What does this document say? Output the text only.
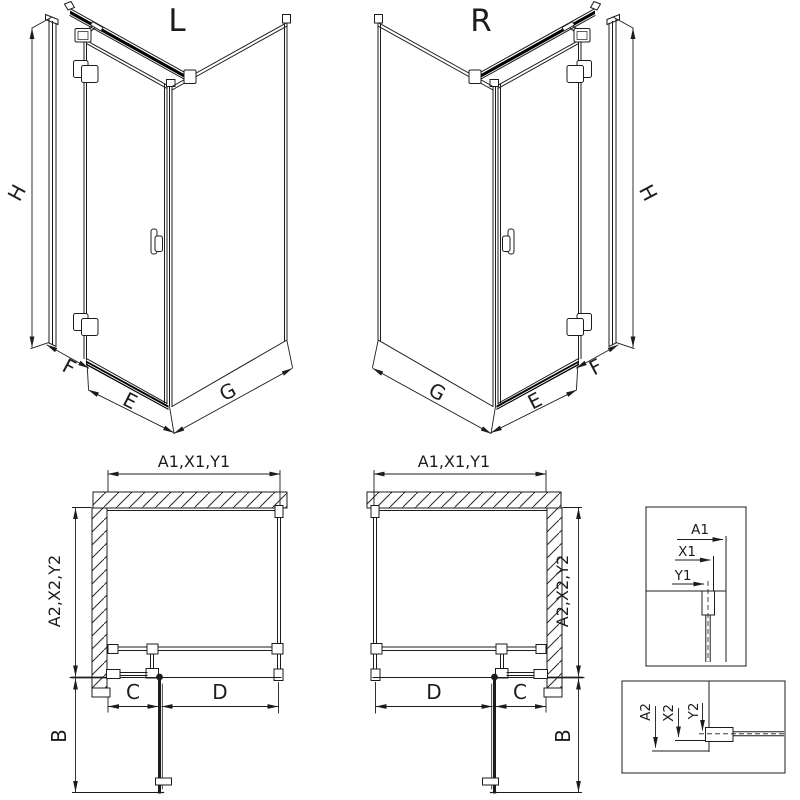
L	R
H	H
F
E	G
F
E
G
A1,X1,Y1	A1,X1,Y1
A2,X2,Y2	A2,X2,Y2
B	B
C	D	D	C
A1
X1
Y1
A2 X2 Y2
